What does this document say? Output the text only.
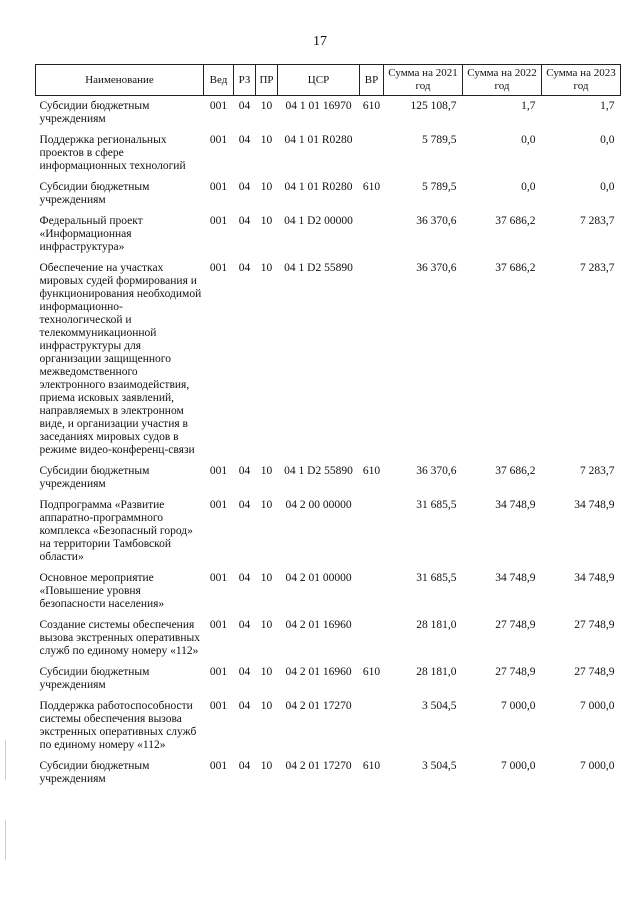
17
Наименование	Вед	РЗ	ПР	ЦСР	ВР	Сумма на 2021 год	Сумма на 2022 год	Сумма на 2023 год
Субсидии бюджетным учреждениям	001	04	10	04 1 01 16970	610	125 108,7	1,7	1,7
Поддержка региональных проектов в сфере информационных технологий	001	04	10	04 1 01 R0280		5 789,5	0,0	0,0
Субсидии бюджетным учреждениям	001	04	10	04 1 01 R0280	610	5 789,5	0,0	0,0
Федеральный проект «Информационная инфраструктура»	001	04	10	04 1 D2 00000		36 370,6	37 686,2	7 283,7
Обеспечение на участках мировых судей формирования и функционирования необходимой информационно-технологической и телекоммуникационной инфраструктуры для организации защищенного межведомственного электронного взаимодействия, приема исковых заявлений, направляемых в электронном виде, и организации участия в заседаниях мировых судов в режиме видео-конференц-связи	001	04	10	04 1 D2 55890		36 370,6	37 686,2	7 283,7
Субсидии бюджетным учреждениям	001	04	10	04 1 D2 55890	610	36 370,6	37 686,2	7 283,7
Подпрограмма «Развитие аппаратно-программного комплекса «Безопасный город» на территории Тамбовской области»	001	04	10	04 2 00 00000		31 685,5	34 748,9	34 748,9
Основное мероприятие «Повышение уровня безопасности населения»	001	04	10	04 2 01 00000		31 685,5	34 748,9	34 748,9
Создание системы обеспечения вызова экстренных оперативных служб по единому номеру «112»	001	04	10	04 2 01 16960		28 181,0	27 748,9	27 748,9
Субсидии бюджетным учреждениям	001	04	10	04 2 01 16960	610	28 181,0	27 748,9	27 748,9
Поддержка работоспособности системы обеспечения вызова экстренных оперативных служб по единому номеру «112»	001	04	10	04 2 01 17270		3 504,5	7 000,0	7 000,0
Субсидии бюджетным учреждениям	001	04	10	04 2 01 17270	610	3 504,5	7 000,0	7 000,0
